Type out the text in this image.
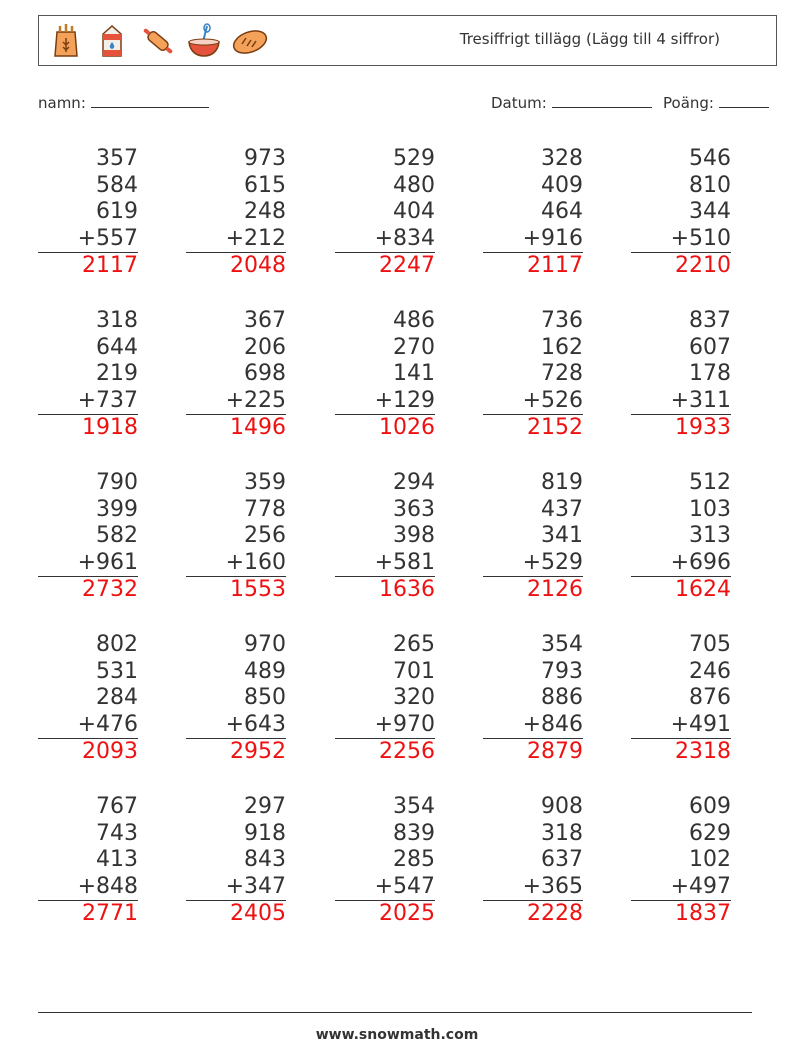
Tresiffrigt tillägg (Lägg till 4 siffror)
namn:	Datum:	Poäng:
357
584
619
+557
2117
973
615
248
+212
2048
529
480
404
+834
2247
328
409
464
+916
2117
546
810
344
+510
2210
318
644
219
+737
1918
367
206
698
+225
1496
486
270
141
+129
1026
736
162
728
+526
2152
837
607
178
+311
1933
790
399
582
+961
2732
359
778
256
+160
1553
294
363
398
+581
1636
819
437
341
+529
2126
512
103
313
+696
1624
802
531
284
+476
2093
970
489
850
+643
2952
265
701
320
+970
2256
354
793
886
+846
2879
705
246
876
+491
2318
767
743
413
+848
2771
297
918
843
+347
2405
354
839
285
+547
2025
908
318
637
+365
2228
609
629
102
+497
1837
www.snowmath.com
